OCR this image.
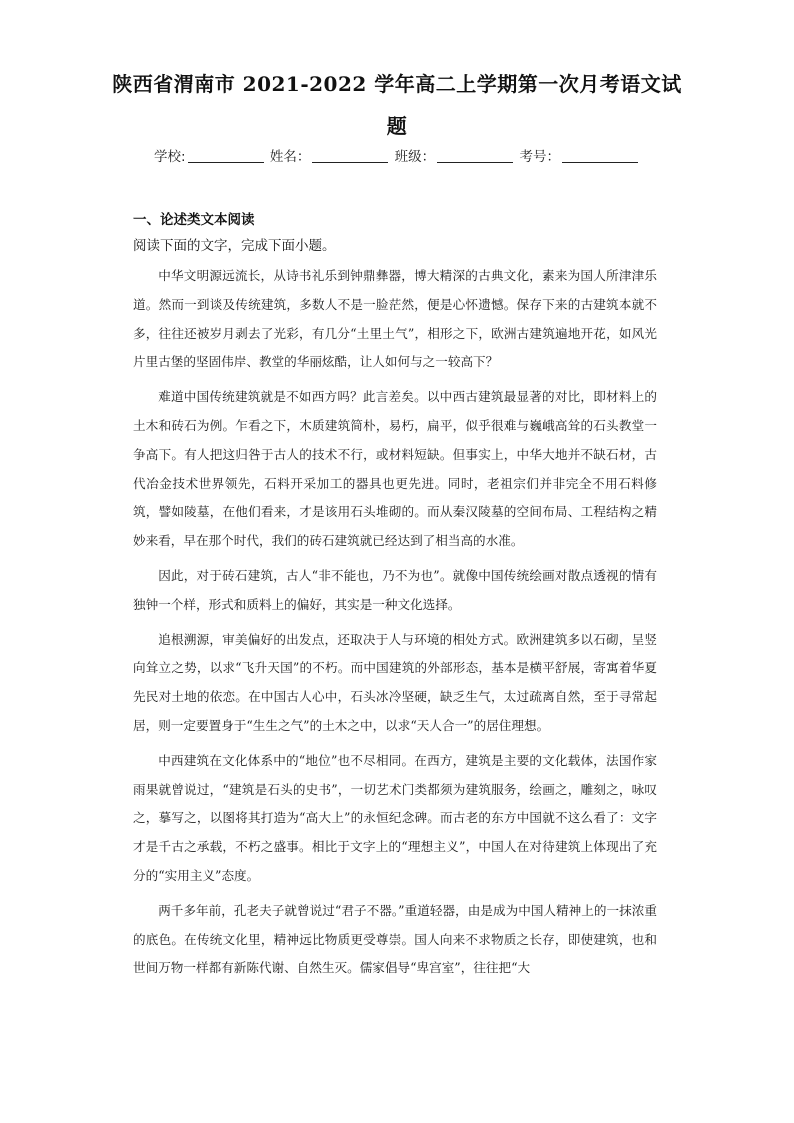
陕西省渭南市 2021-2022 学年高二上学期第一次月考语文试
题
学校:	姓名：	班级：	考号：
一、论述类文本阅读
阅读下面的文字，完成下面小题。

中华文明源远流长，从诗书礼乐到钟鼎彝器，博大精深的古典文化，素来为国人所津津乐道。然而一到谈及传统建筑，多数人不是一脸茫然，便是心怀遗憾。保存下来的古建筑本就不多，往往还被岁月剥去了光彩，有几分“土里土气”，相形之下，欧洲古建筑遍地开花，如风光片里古堡的坚固伟岸、教堂的华丽炫酷，让人如何与之一较高下？

难道中国传统建筑就是不如西方吗？此言差矣。以中西古建筑最显著的对比，即材料上的土木和砖石为例。乍看之下，木质建筑简朴，易朽，扁平，似乎很难与巍峨高耸的石头教堂一争高下。有人把这归咎于古人的技术不行，或材料短缺。但事实上，中华大地并不缺石材，古代冶金技术世界领先，石料开采加工的器具也更先进。同时，老祖宗们并非完全不用石料修筑，譬如陵墓，在他们看来，才是该用石头堆砌的。而从秦汉陵墓的空间布局、工程结构之精妙来看，早在那个时代，我们的砖石建筑就已经达到了相当高的水准。

因此，对于砖石建筑，古人“非不能也，乃不为也”。就像中国传统绘画对散点透视的情有独钟一个样，形式和质料上的偏好，其实是一种文化选择。

追根溯源，审美偏好的出发点，还取决于人与环境的相处方式。欧洲建筑多以石砌，呈竖向耸立之势，以求“飞升天国”的不朽。而中国建筑的外部形态，基本是横平舒展，寄寓着华夏先民对土地的依恋。在中国古人心中，石头冰冷坚硬，缺乏生气，太过疏离自然，至于寻常起居，则一定要置身于“生生之气”的土木之中，以求“天人合一”的居住理想。

中西建筑在文化体系中的“地位”也不尽相同。在西方，建筑是主要的文化载体，法国作家雨果就曾说过，“建筑是石头的史书”，一切艺术门类都须为建筑服务，绘画之，雕刻之，咏叹之，摹写之，以图将其打造为“高大上”的永恒纪念碑。而古老的东方中国就不这么看了：文字才是千古之承载，不朽之盛事。相比于文字上的“理想主义”，中国人在对待建筑上体现出了充分的“实用主义”态度。

两千多年前，孔老夫子就曾说过“君子不器。”重道轻器，由是成为中国人精神上的一抹浓重的底色。在传统文化里，精神远比物质更受尊崇。国人向来不求物质之长存，即使建筑，也和世间万物一样都有新陈代谢、自然生灭。儒家倡导“卑宫室”，往往把“大
